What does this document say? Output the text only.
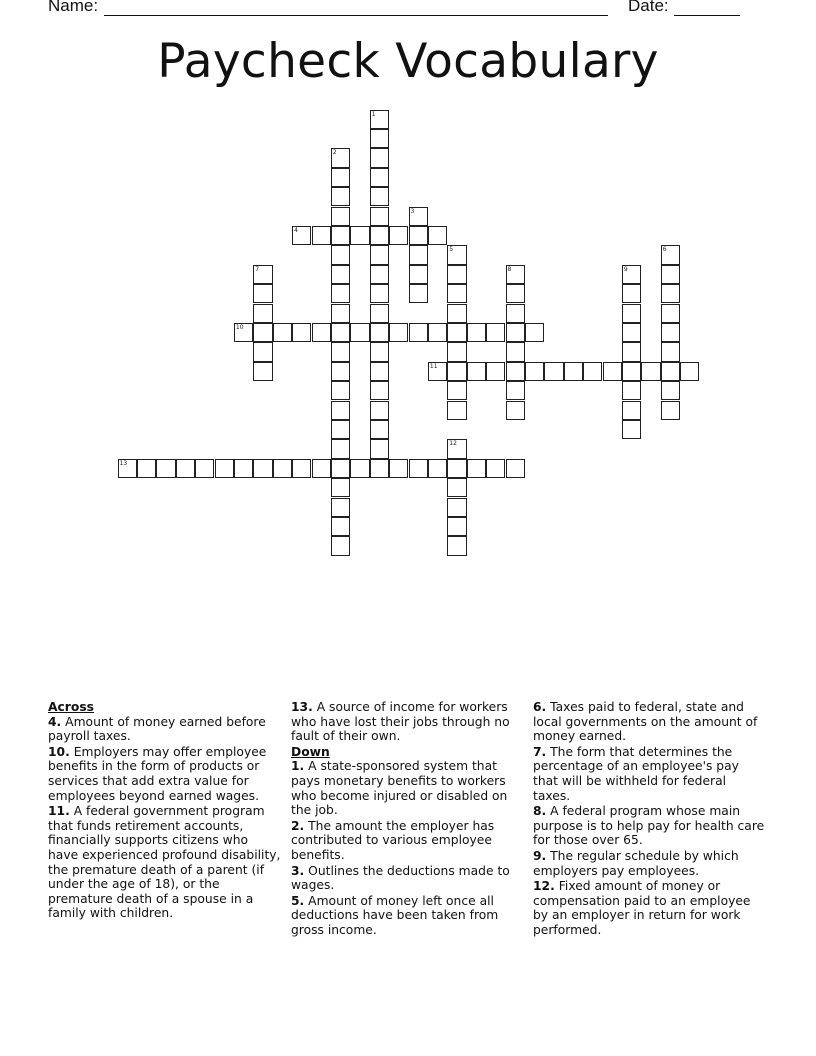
Name:	Date:
Paycheck Vocabulary
1
2
3
4
5	6
7	8	9
10
11
12
13
Across
4. Amount of money earned before payroll taxes.
10. Employers may offer employee benefits in the form of products or services that add extra value for employees beyond earned wages.
11. A federal government program that funds retirement accounts, financially supports citizens who have experienced profound disability, the premature death of a parent (if under the age of 18), or the premature death of a spouse in a family with children.
13. A source of income for workers who have lost their jobs through no fault of their own.
Down
1. A state-sponsored system that pays monetary benefits to workers who become injured or disabled on the job.
2. The amount the employer has contributed to various employee benefits.
3. Outlines the deductions made to wages.
5. Amount of money left once all deductions have been taken from gross income.
6. Taxes paid to federal, state and local governments on the amount of money earned.
7. The form that determines the percentage of an employee's pay that will be withheld for federal taxes.
8. A federal program whose main purpose is to help pay for health care for those over 65.
9. The regular schedule by which employers pay employees.
12. Fixed amount of money or compensation paid to an employee by an employer in return for work performed.
